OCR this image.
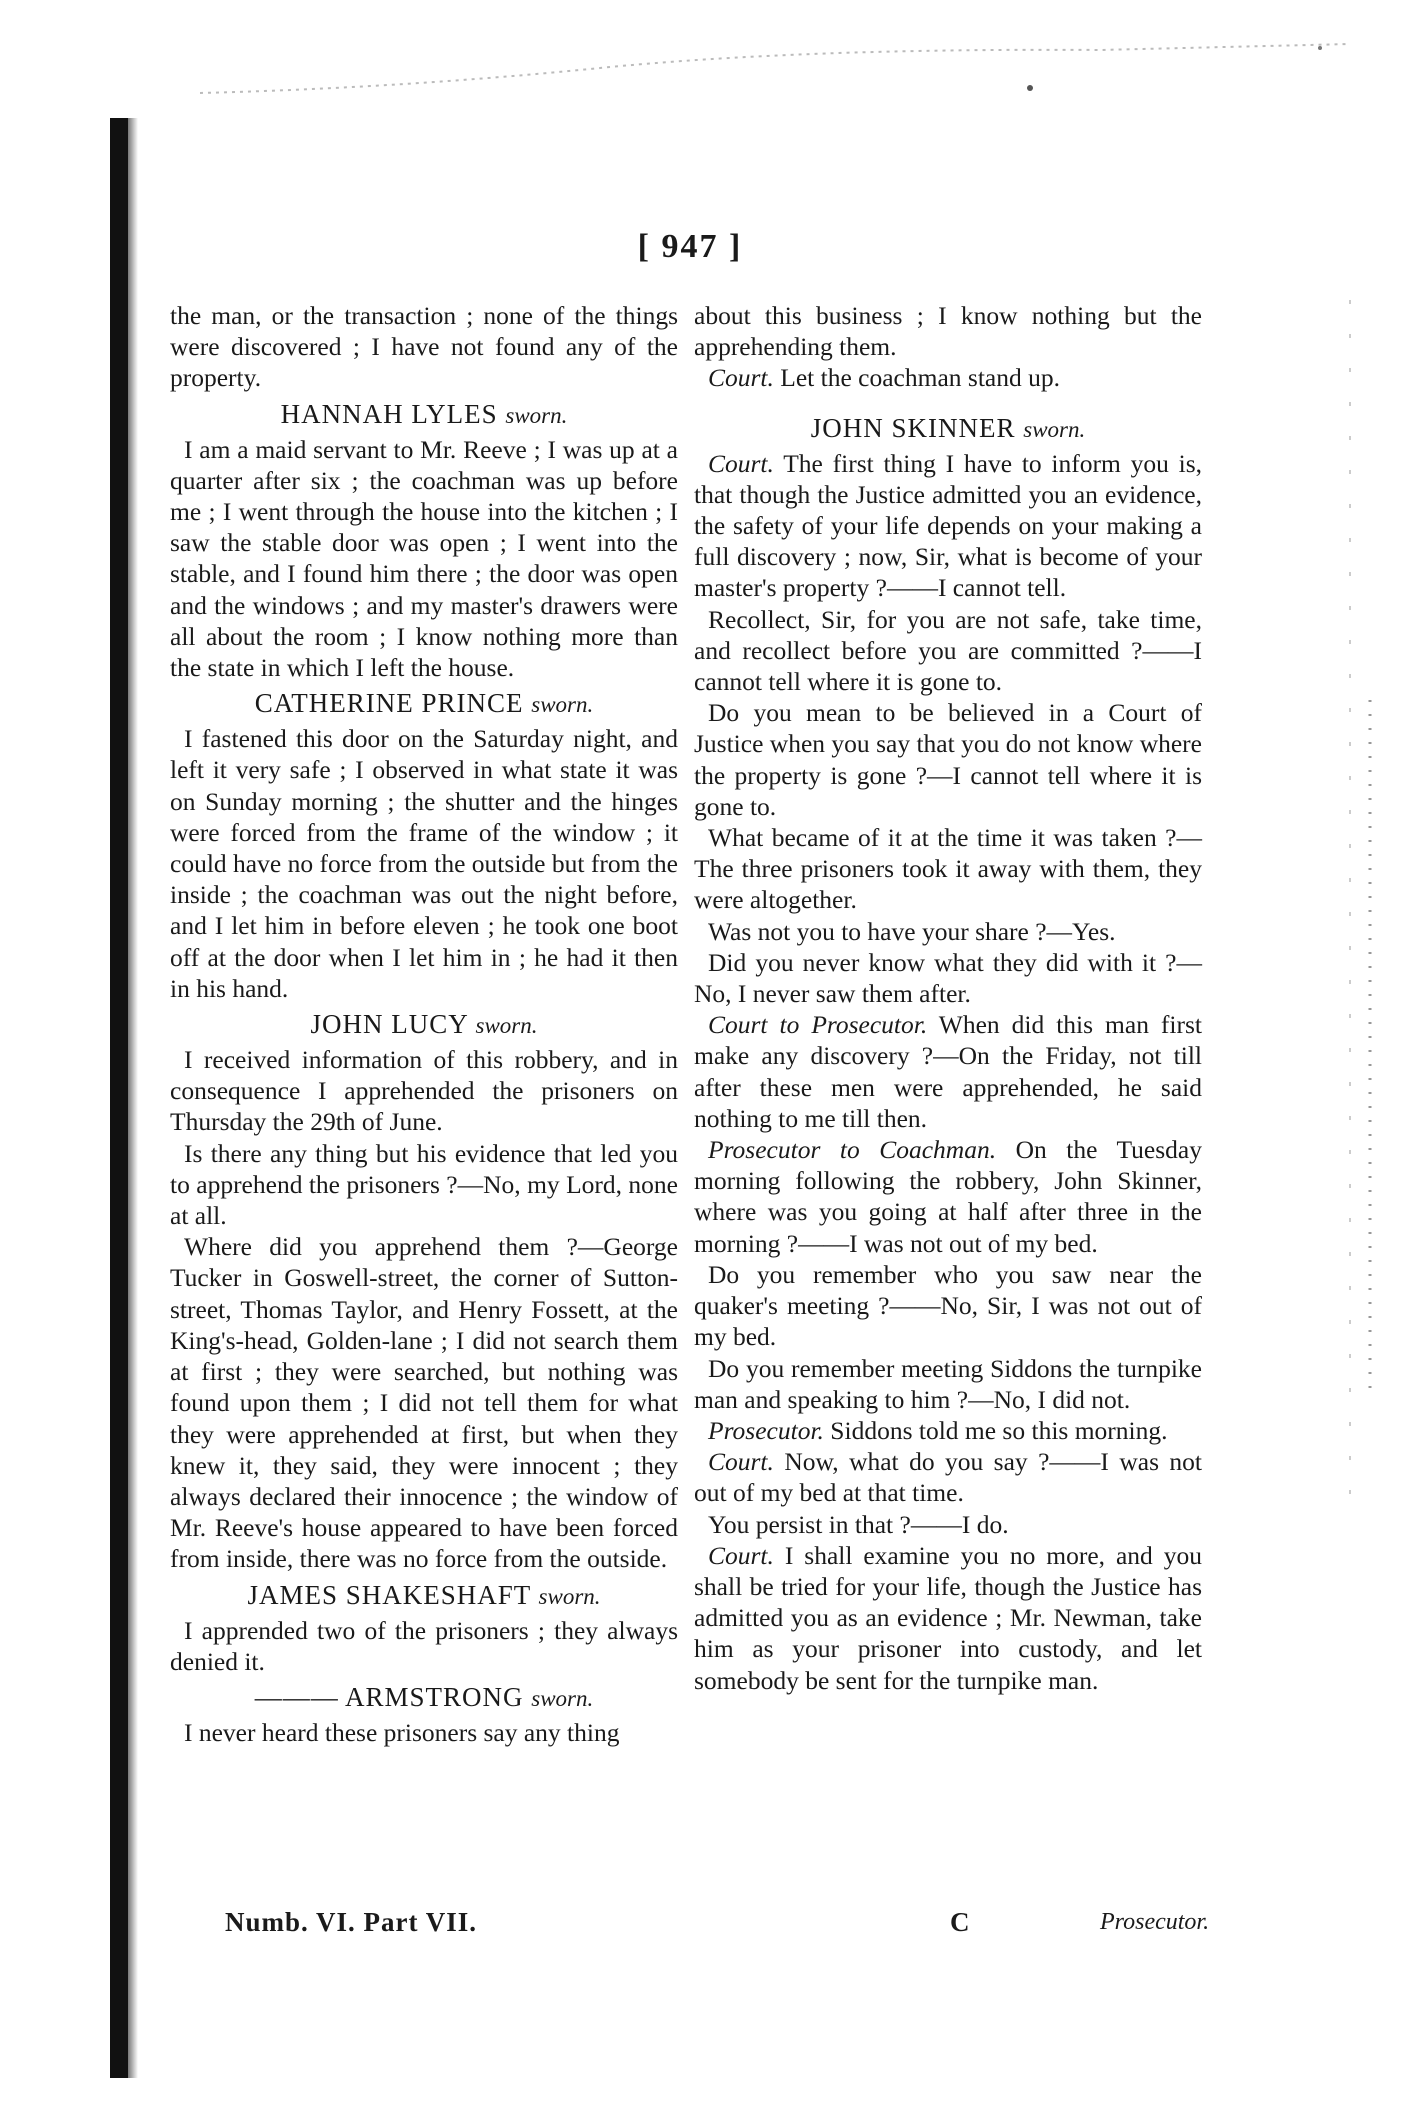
[ 947 ]

the man, or the transaction ; none of the things were discovered ; I have not found any of the property.

HANNAH LYLES sworn.

I am a maid servant to Mr. Reeve ; I was up at a quarter after six ; the coachman was up before me ; I went through the house into the kitchen ; I saw the stable door was open ; I went into the stable, and I found him there ; the door was open and the windows ; and my master's drawers were all about the room ; I know nothing more than the state in which I left the house.

CATHERINE PRINCE sworn.

I fastened this door on the Saturday night, and left it very safe ; I observed in what state it was on Sunday morning ; the shutter and the hinges were forced from the frame of the window ; it could have no force from the outside but from the inside ; the coachman was out the night before, and I let him in before eleven ; he took one boot off at the door when I let him in ; he had it then in his hand.

JOHN LUCY sworn.

I received information of this robbery, and in consequence I apprehended the prisoners on Thursday the 29th of June.

Is there any thing but his evidence that led you to apprehend the prisoners ?—No, my Lord, none at all.

Where did you apprehend them ?—George Tucker in Goswell-street, the corner of Sutton-street, Thomas Taylor, and Henry Fossett, at the King's-head, Golden-lane ; I did not search them at first ; they were searched, but nothing was found upon them ; I did not tell them for what they were apprehended at first, but when they knew it, they said, they were innocent ; they always declared their innocence ; the window of Mr. Reeve's house appeared to have been forced from inside, there was no force from the outside.

JAMES SHAKESHAFT sworn.

I apprended two of the prisoners ; they always denied it.

——— ARMSTRONG sworn.

I never heard these prisoners say any thing

about this business ; I know nothing but the apprehending them.

Court. Let the coachman stand up.

JOHN SKINNER sworn.

Court. The first thing I have to inform you is, that though the Justice admitted you an evidence, the safety of your life depends on your making a full discovery ; now, Sir, what is become of your master's property ?——I cannot tell.

Recollect, Sir, for you are not safe, take time, and recollect before you are committed ?——I cannot tell where it is gone to.

Do you mean to be believed in a Court of Justice when you say that you do not know where the property is gone ?—I cannot tell where it is gone to.

What became of it at the time it was taken ?—The three prisoners took it away with them, they were altogether.

Was not you to have your share ?—Yes.

Did you never know what they did with it ?—No, I never saw them after.

Court to Prosecutor. When did this man first make any discovery ?—On the Friday, not till after these men were apprehended, he said nothing to me till then.

Prosecutor to Coachman. On the Tuesday morning following the robbery, John Skinner, where was you going at half after three in the morning ?——I was not out of my bed.

Do you remember who you saw near the quaker's meeting ?——No, Sir, I was not out of my bed.

Do you remember meeting Siddons the turnpike man and speaking to him ?—No, I did not.

Prosecutor. Siddons told me so this morning.

Court. Now, what do you say ?——I was not out of my bed at that time.

You persist in that ?——I do.

Court. I shall examine you no more, and you shall be tried for your life, though the Justice has admitted you as an evidence ; Mr. Newman, take him as your prisoner into custody, and let somebody be sent for the turnpike man.

Numb. VI. Part VII.	C	Prosecutor.
